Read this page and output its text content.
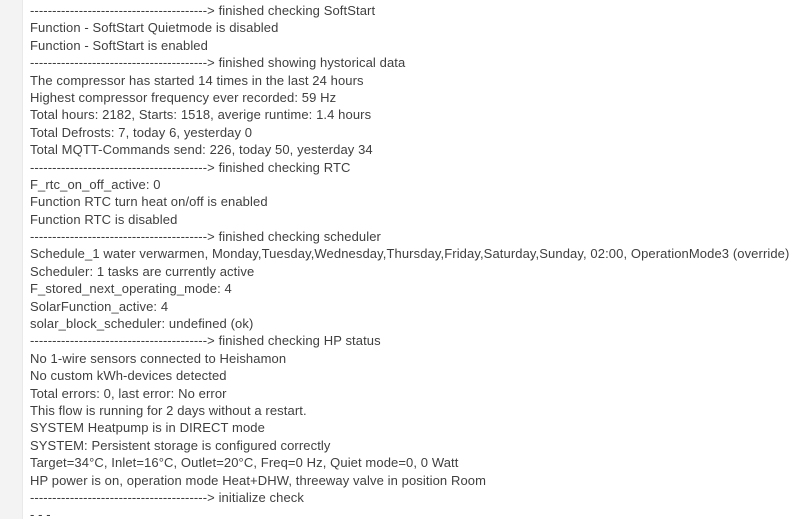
----------------------------------------> finished checking SoftStart
Function - SoftStart Quietmode is disabled
Function - SoftStart is enabled
----------------------------------------> finished showing hystorical data
The compressor has started 14 times in the last 24 hours
Highest compressor frequency ever recorded: 59 Hz
Total hours: 2182, Starts: 1518, averige runtime: 1.4 hours
Total Defrosts: 7, today 6, yesterday 0
Total MQTT-Commands send: 226, today 50, yesterday 34
----------------------------------------> finished checking RTC
F_rtc_on_off_active: 0
Function RTC turn heat on/off is enabled
Function RTC is disabled
----------------------------------------> finished checking scheduler
Schedule_1 water verwarmen, Monday,Tuesday,Wednesday,Thursday,Friday,Saturday,Sunday, 02:00, OperationMode3 (override)
Scheduler: 1 tasks are currently active
F_stored_next_operating_mode: 4
SolarFunction_active: 4
solar_block_scheduler: undefined (ok)
----------------------------------------> finished checking HP status
No 1-wire sensors connected to Heishamon
No custom kWh-devices detected
Total errors: 0, last error: No error
This flow is running for 2 days without a restart.
SYSTEM Heatpump is in DIRECT mode
SYSTEM: Persistent storage is configured correctly
Target=34°C, Inlet=16°C, Outlet=20°C, Freq=0 Hz, Quiet mode=0, 0 Watt
HP power is on, operation mode Heat+DHW, threeway valve in position Room
----------------------------------------> initialize check
- - -
